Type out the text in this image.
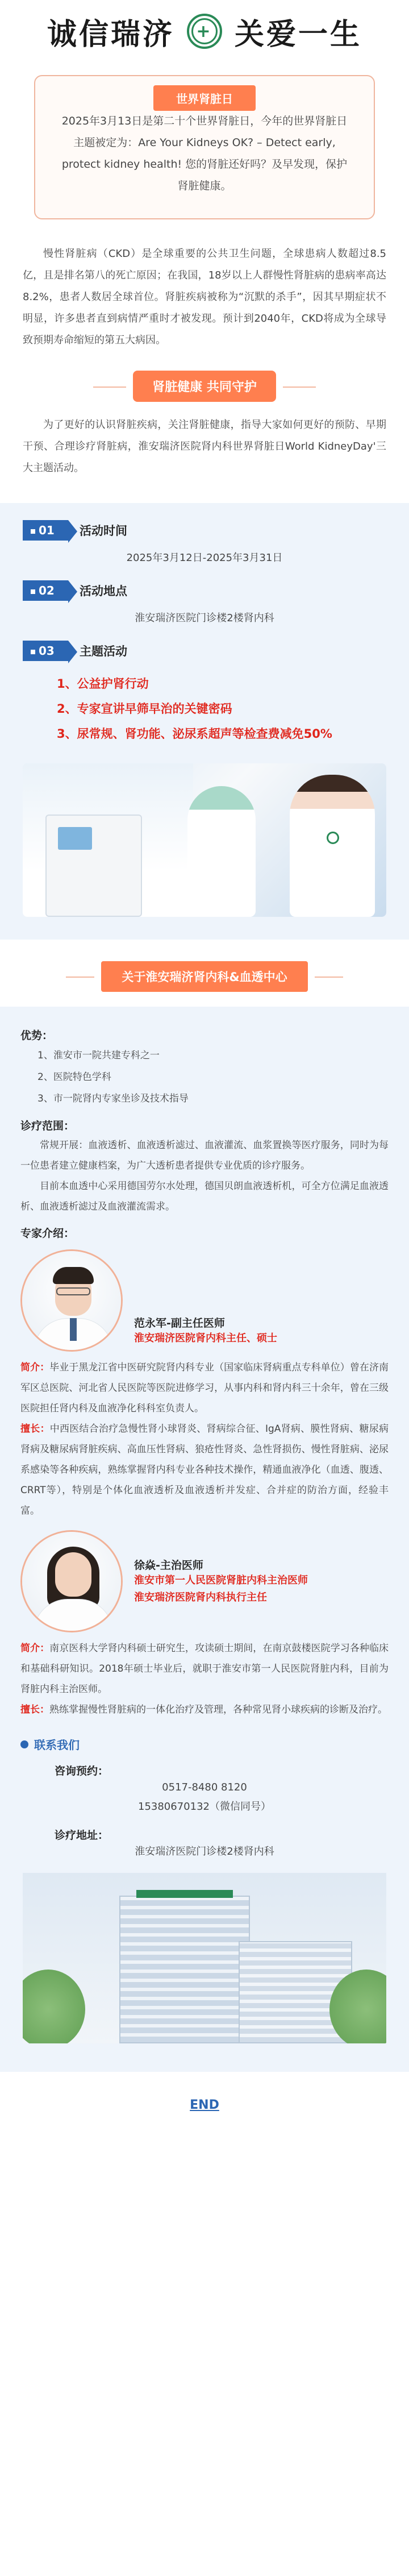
诚信瑞济
+ 关爱一生
世界肾脏日
2025年3月13日是第二十个世界肾脏日，今年的世界肾脏日主题被定为：Are Your Kidneys OK? – Detect early, protect kidney health! 您的肾脏还好吗？及早发现，保护肾脏健康。
慢性肾脏病（CKD）是全球重要的公共卫生问题，全球患病人数超过8.5亿，且是排名第八的死亡原因；在我国，18岁以上人群慢性肾脏病的患病率高达8.2%，患者人数居全球首位。肾脏疾病被称为“沉默的杀手”，因其早期症状不明显，许多患者直到病情严重时才被发现。预计到2040年，CKD将成为全球导致预期寿命缩短的第五大病因。
肾脏健康 共同守护
为了更好的认识肾脏疾病，关注肾脏健康，指导大家如何更好的预防、早期干预、合理诊疗肾脏病，淮安瑞济医院肾内科世界肾脏日World KidneyDay'三大主题活动。
01	活动时间
2025年3月12日-2025年3月31日
02	活动地点
淮安瑞济医院门诊楼2楼肾内科
03	主题活动
1、公益护肾行动
2、专家宣讲早筛早治的关键密码
3、尿常规、肾功能、泌尿系超声等检查费减免50%
关于淮安瑞济肾内科&血透中心
优势：
1、淮安市一院共建专科之一
2、医院特色学科
3、市一院肾内专家坐诊及技术指导
诊疗范围：
常规开展：血液透析、血液透析滤过、血液灌流、血浆置换等医疗服务，同时为每一位患者建立健康档案，为广大透析患者提供专业优质的诊疗服务。
目前本血透中心采用德国劳尔水处理，德国贝朗血液透析机，可全方位满足血液透析、血液透析滤过及血液灌流需求。
专家介绍：
范永军-副主任医师
淮安瑞济医院肾内科主任、硕士
简介：毕业于黑龙江省中医研究院肾内科专业（国家临床肾病重点专科单位）曾在济南军区总医院、河北省人民医院等医院进修学习，从事内科和肾内科三十余年，曾在三级医院担任肾内科及血液净化科科室负责人。
擅长：中西医结合治疗急慢性肾小球肾炎、肾病综合征、IgA肾病、膜性肾病、糖尿病肾病及糖尿病肾脏疾病、高血压性肾病、狼疮性肾炎、急性肾损伤、慢性肾脏病、泌尿系感染等各种疾病，熟练掌握肾内科专业各种技术操作，精通血液净化（血透、腹透、CRRT等），特别是个体化血液透析及血液透析并发症、合并症的防治方面，经验丰富。
徐焱-主治医师
淮安市第一人民医院肾脏内科主治医师
淮安瑞济医院肾内科执行主任
简介：南京医科大学肾内科硕士研究生，攻读硕士期间，在南京鼓楼医院学习各种临床和基础科研知识。2018年硕士毕业后，就职于淮安市第一人民医院肾脏内科，目前为肾脏内科主治医师。
擅长：熟练掌握慢性肾脏病的一体化治疗及管理，各种常见肾小球疾病的诊断及治疗。
联系我们
咨询预约：
0517-8480 8120
15380670132（微信同号）
诊疗地址：
淮安瑞济医院门诊楼2楼肾内科
END
